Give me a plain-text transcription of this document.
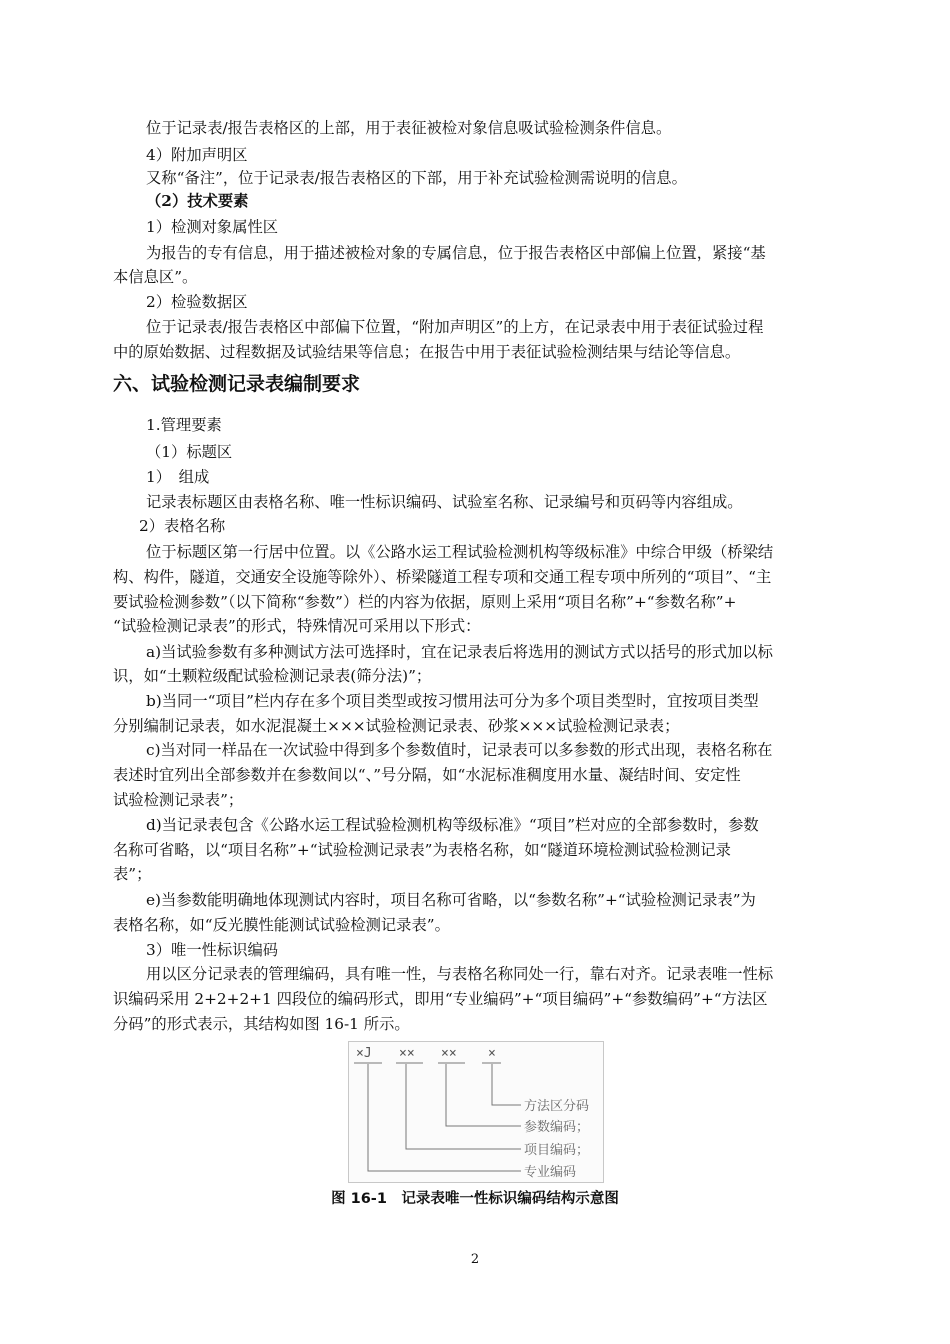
位于记录表/报告表格区的上部，用于表征被检对象信息吸试验检测条件信息。

4）附加声明区

又称“备注”，位于记录表/报告表格区的下部，用于补充试验检测需说明的信息。

（2）技术要素

1）检测对象属性区

为报告的专有信息，用于描述被检对象的专属信息，位于报告表格区中部偏上位置，紧接“基

本信息区”。

2）检验数据区

位于记录表/报告表格区中部偏下位置，“附加声明区”的上方，在记录表中用于表征试验过程

中的原始数据、过程数据及试验结果等信息；在报告中用于表征试验检测结果与结论等信息。

六、试验检测记录表编制要求

1.管理要素

（1）标题区

1）　组成

记录表标题区由表格名称、唯一性标识编码、试验室名称、记录编号和页码等内容组成。

2）表格名称

位于标题区第一行居中位置。以《公路水运工程试验检测机构等级标准》中综合甲级（桥梁结

构、构件，隧道，交通安全设施等除外）、桥梁隧道工程专项和交通工程专项中所列的“项目”、“主

要试验检测参数”（以下简称“参数”）栏的内容为依据，原则上采用“项目名称”+“参数名称”+

“试验检测记录表”的形式，特殊情况可采用以下形式：

a)当试验参数有多种测试方法可选择时，宜在记录表后将选用的测试方式以括号的形式加以标

识，如“土颗粒级配试验检测记录表(筛分法)”；

b)当同一“项目”栏内存在多个项目类型或按习惯用法可分为多个项目类型时，宜按项目类型

分别编制记录表，如水泥混凝土×××试验检测记录表、砂浆×××试验检测记录表；

c)当对同一样品在一次试验中得到多个参数值时，记录表可以多参数的形式出现，表格名称在

表述时宜列出全部参数并在参数间以“、”号分隔，如“水泥标准稠度用水量、凝结时间、安定性

试验检测记录表”；

d)当记录表包含《公路水运工程试验检测机构等级标准》“项目”栏对应的全部参数时，参数

名称可省略，以“项目名称”+“试验检测记录表”为表格名称，如“隧道环境检测试验检测记录

表”；

e)当参数能明确地体现测试内容时，项目名称可省略，以“参数名称”+“试验检测记录表”为

表格名称，如“反光膜性能测试试验检测记录表”。

3）唯一性标识编码

用以区分记录表的管理编码，具有唯一性，与表格名称同处一行，靠右对齐。记录表唯一性标

识编码采用 2+2+2+1 四段位的编码形式，即用“专业编码”+“项目编码”+“参数编码”+“方法区

分码”的形式表示，其结构如图 16-1 所示。

×J ×× ×× ×
方法区分码
参数编码；
项目编码；
专业编码

图 16-1　记录表唯一性标识编码结构示意图

2
